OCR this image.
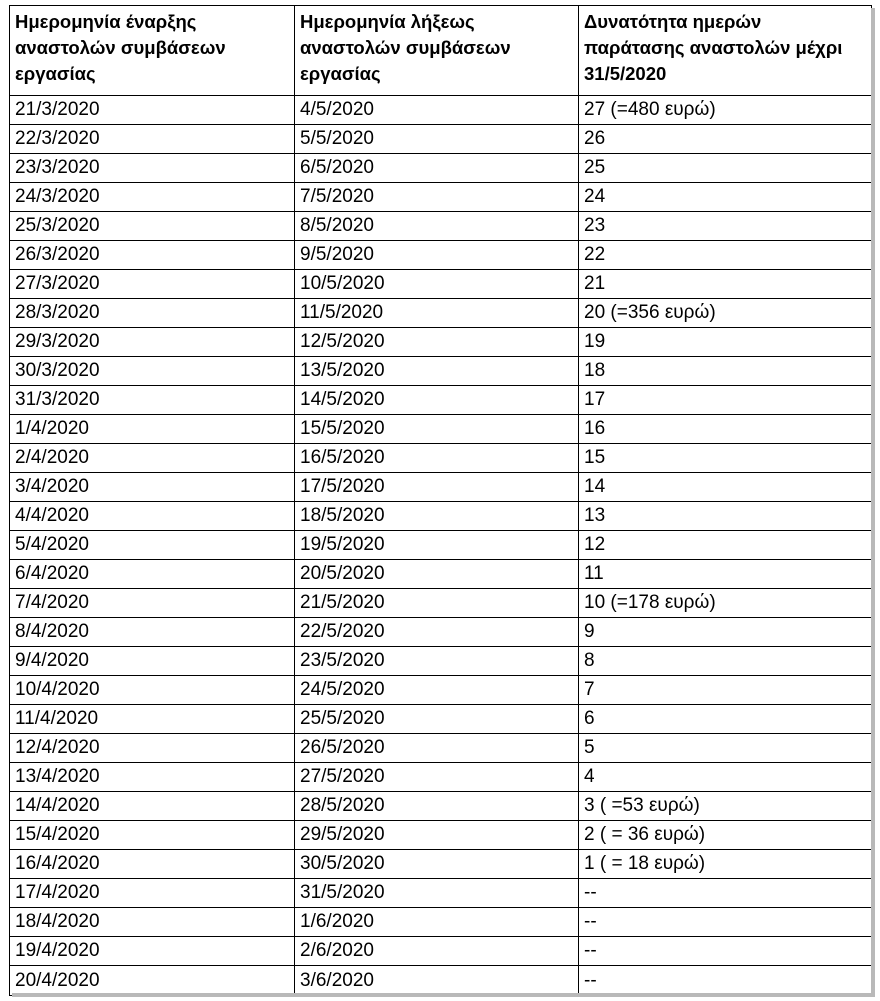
Ημερομηνία έναρξης αναστολών συμβάσεων εργασίας	Ημερομηνία λήξεως αναστολών συμβάσεων εργασίας	Δυνατότητα ημερών παράτασης αναστολών μέχρι 31/5/2020
21/3/2020	4/5/2020	27 (=480 ευρώ)
22/3/2020	5/5/2020	26
23/3/2020	6/5/2020	25
24/3/2020	7/5/2020	24
25/3/2020	8/5/2020	23
26/3/2020	9/5/2020	22
27/3/2020	10/5/2020	21
28/3/2020	11/5/2020	20 (=356 ευρώ)
29/3/2020	12/5/2020	19
30/3/2020	13/5/2020	18
31/3/2020	14/5/2020	17
1/4/2020	15/5/2020	16
2/4/2020	16/5/2020	15
3/4/2020	17/5/2020	14
4/4/2020	18/5/2020	13
5/4/2020	19/5/2020	12
6/4/2020	20/5/2020	11
7/4/2020	21/5/2020	10 (=178 ευρώ)
8/4/2020	22/5/2020	9
9/4/2020	23/5/2020	8
10/4/2020	24/5/2020	7
11/4/2020	25/5/2020	6
12/4/2020	26/5/2020	5
13/4/2020	27/5/2020	4
14/4/2020	28/5/2020	3 ( =53 ευρώ)
15/4/2020	29/5/2020	2 ( = 36 ευρώ)
16/4/2020	30/5/2020	1 ( = 18 ευρώ)
17/4/2020	31/5/2020	--
18/4/2020	1/6/2020	--
19/4/2020	2/6/2020	--
20/4/2020	3/6/2020	--
